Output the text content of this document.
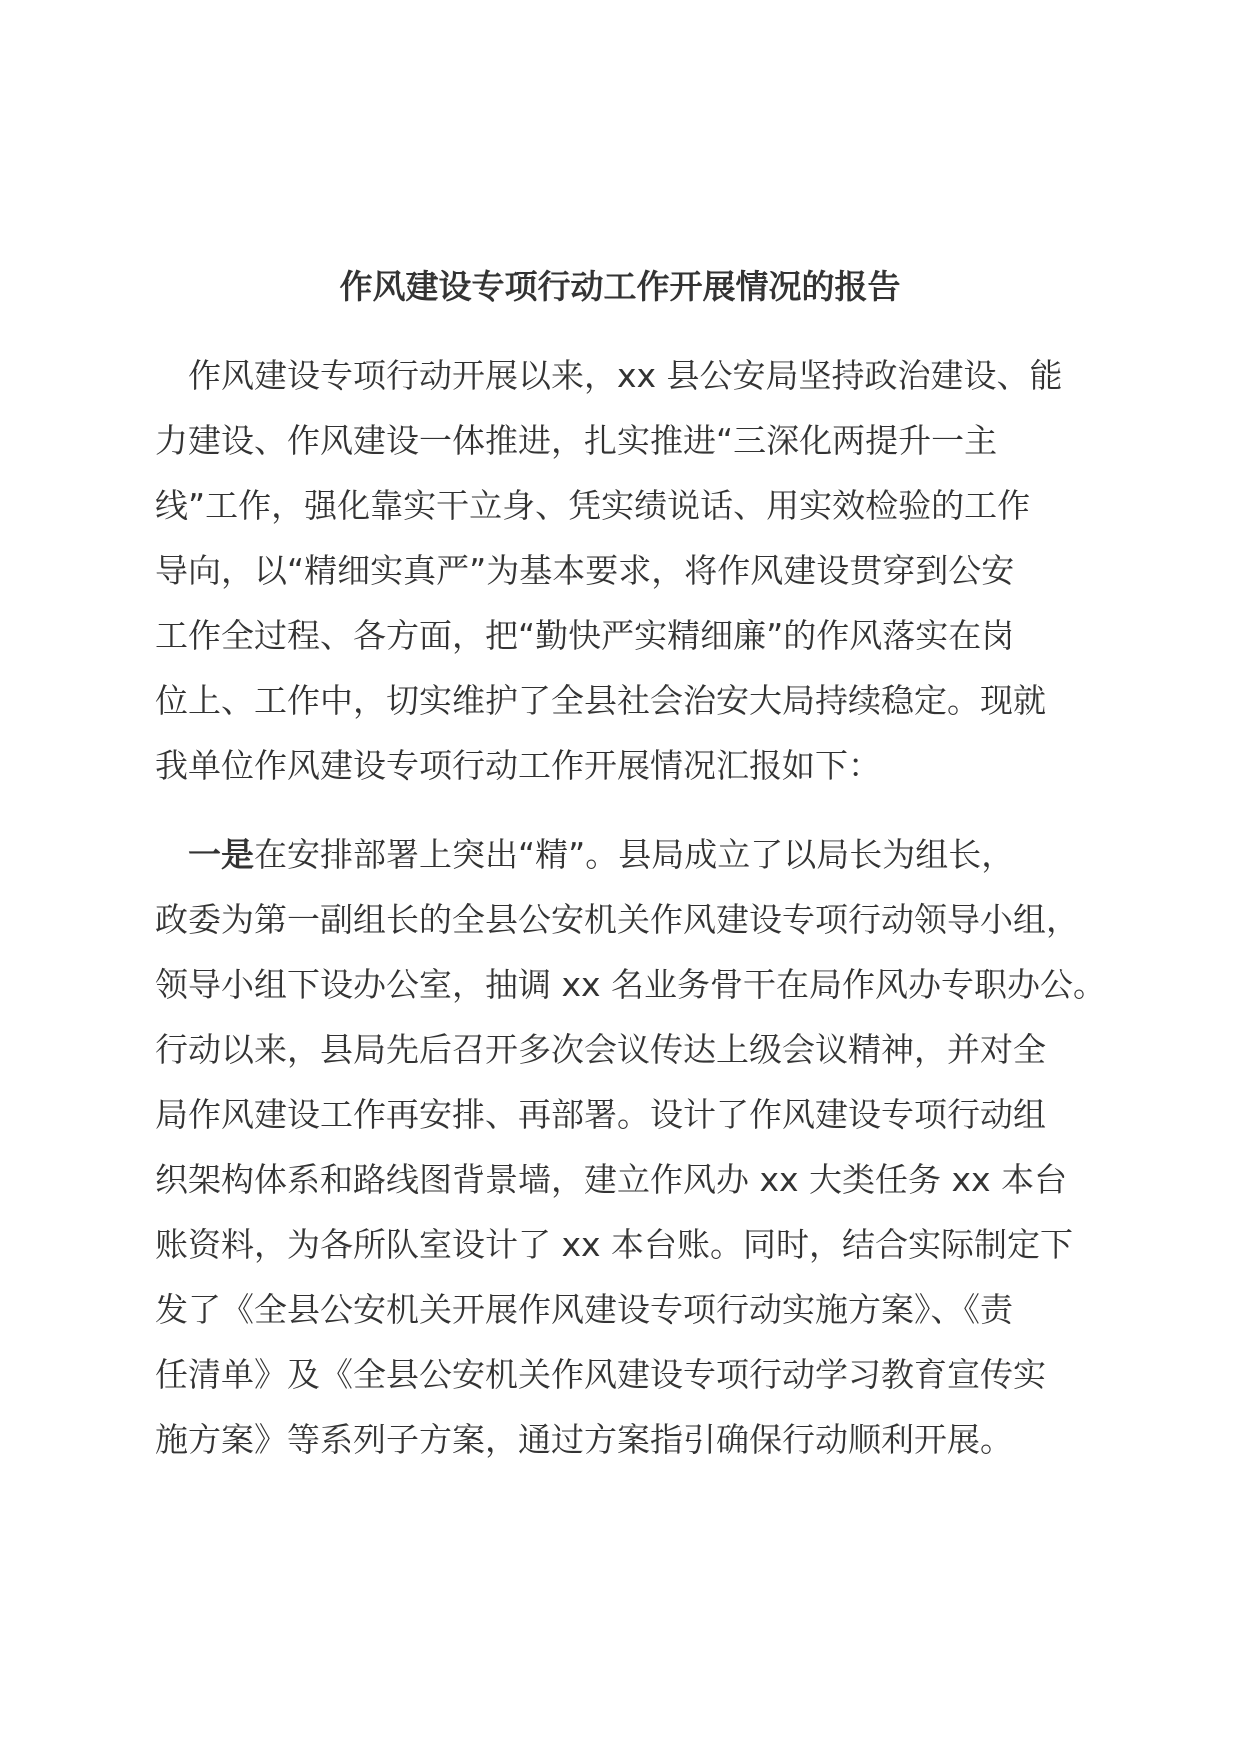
作风建设专项行动工作开展情况的报告
作风建设专项行动开展以来，xx 县公安局坚持政治建设、能
力建设、作风建设一体推进，扎实推进“三深化两提升一主
线”工作，强化靠实干立身、凭实绩说话、用实效检验的工作
导向，以“精细实真严”为基本要求，将作风建设贯穿到公安
工作全过程、各方面，把“勤快严实精细廉”的作风落实在岗
位上、工作中，切实维护了全县社会治安大局持续稳定。现就
我单位作风建设专项行动工作开展情况汇报如下：
一是在安排部署上突出“精”。县局成立了以局长为组长，
政委为第一副组长的全县公安机关作风建设专项行动领导小组，
领导小组下设办公室，抽调 xx 名业务骨干在局作风办专职办公。
行动以来，县局先后召开多次会议传达上级会议精神，并对全
局作风建设工作再安排、再部署。设计了作风建设专项行动组
织架构体系和路线图背景墙，建立作风办 xx 大类任务 xx 本台
账资料，为各所队室设计了 xx 本台账。同时，结合实际制定下
发了《全县公安机关开展作风建设专项行动实施方案》、《责
任清单》及《全县公安机关作风建设专项行动学习教育宣传实
施方案》等系列子方案，通过方案指引确保行动顺利开展。
